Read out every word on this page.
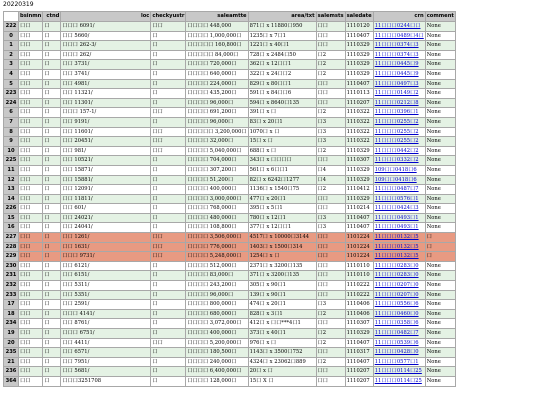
20220319
	bsinmn	ctnd	loc	checkyustr	saleamtte	area/txt	salemsts	saledate	crn	comment
222	口口	口	口口口 6091/	口口	口口口口 448,000	871口 x 11880口950	口口	1110120	11口口口0244口口	None
0	口口	口	口口 5660/	口	口口口口 1,000,000口	1235口 x 7口1	口口	1110407	11口口口0489口4口	None
1	口口	口	口口口 262-3/	口	口口口口口 160,800口	1221口 x 40口1	口口	1110329	11口口口0374口3	None
2	口口	口	口口口 262/	口	口口口口口 84,000口	728口 x 2484口50	口2	1110329	11口口口0374口3	None
3	口口	口	口口 3731/	口	口口口口 720,000口	362口 x 12口口1	口2	1110329	11口口口0445口9	None
4	口口	口	口口 3741/	口	口口口口 640,000口	322口 x 24口口2	口2	1110329	11口口口0445口9	None
5	口口	口	口口 4981/	口	口口口口 224,000口	829口 x 80口口1	口口	1110407	11口口口0497口3	None
223	口口	口	口口 11321/	口	口口口口 435,200口	591口 x 84口口6	口口	1110113	11口口口0149口2	None
224	口口	口	口口 11301/	口	口口口口 96,000口	594口 x 8640口135	口口	1110207	11口口口0212口8	None
6	口口	口	口口口 157-1/	口口	口口口口 691,200口	391口 x 口	口2	1110322	11口口口0396口1	None
7	口口	口	口口 9191/	口	口口口口 96,000口	83口 x 20口1	口3	1110322	11口口口0255口2	None
8	口口	口	口口 11601/	口口	口口口口口 3,200,000口	1070口 x 口	口3	1110322	11口口口0255口2	None
9	口口	口	口口 20451/	口口	口口口口 32,000口	15口 x 口	口3	1110322	11口口口0255口2	None
10	口口	口	口口 981/	口口	口口口口 5,040,000口	688口 x 口	口2	1110329	11口口口0442口2	None
225	口口	口	口口 10521/	口	口口口口 704,000口	343口 x 口口口口	口口	1110307	11口口口0332口2	None
11	口口	口	口口 15871/	口	口口口口 307,200口	561口 x 6口口1	口4	1110329	109口口0418口6	None
12	口口	口	口口 15881/	口	口口口口 51,200口	82口 x 6242口1277	口4	1110329	109口口0418口6	None
13	口口	口	口口 12091/	口	口口口口 400,000口	1136口 x 1540口75	口2	1110412	11口口口0487口7	None
14	口口	口	口口 11811/	口	口口口口 3,000,000口	477口 x 20口1	口口	1110329	11口口口0576口1	None
226	口口	口	口口 601/	口	口口口口 768,000口	395口 x 5口1	口口	1110214	11口口口0424口3	None
15	口口	口	口口 24021/	口	口口口口 480,000口	780口 x 12口1	口3	1110407	11口口口0493口1	None
16	口口	口	口口 24041/	口	口口口口 108,800口	377口 x 12口口1	口3	1110407	11口口口0493口1	None
227	口口	口	口口 1261/	口口	口口口口 3,506,000口	4517口 x 10000口3144	口口	1101224	11口口口0132口5	口
228	口口	口	口口 1631/	口口	口口口口 776,000口	1403口 x 1500口314	口口	1101224	11口口口0132口5	口
229	口口	口	口口口 9731/	口口	口口口口 5,248,000口	1254口 x 口	口口	1101224	11口口口0132口5	口
230	口口	口	口口 6121/	口	口口口口 512,000口	2371口 x 3200口135	口口	1110110	11口口口0283口0	None
231	口口	口	口口 6151/	口	口口口口 83,000口	371口 x 3200口135	口口	1110110	11口口口0283口0	None
232	口口	口	口口 5311/	口	口口口口 243,200口	305口 x 90口1	口口	1110222	11口口口0207口0	None
233	口口	口	口口 5351/	口	口口口口 96,000口	139口 x 90口1	口口	1110222	11口口口0207口0	None
17	口口	口	口口 2591/	口	口口口口 800,000口	474口 x 20口1	口3	1110406	11口口口0556口6	None
18	口口	口	口口口 4141/	口	口口口口 680,000口	828口 x 3口1	口2	1110406	11口口口0460口0	None
234	口口	口	口口 8761/	口	口口口口 3,072,000口	412口 x 口口***4口1	口口	1110307	11口口口0358口6	None
19	口口	口	口口口 6751/	口	口口口口 400,000口	373口 x 40口1	口2	1110329	11口口口0482口7	None
20	口口	口	口口 4411/	口口	口口口口 5,200,000口	976口 x 口	口2	1110407	11口口口0539口6	None
235	口口	口	口口 6571/	口	口口口口 180,500口	1143口 x 3500口752	口口	1110317	11口口口0428口0	None
21	口口	口	口口 7951/	口	口口口口 240,000口	4324口 x 23062口889	口2	1110407	11口口口0577口1	None
236	口口	口	口口 5681/	口	口口口口 6,400,000口	20口 x 口	口口	1110207	11口口口0114口25	None
364	口口	口	口口口3251708	口	口口口口 128,000口	15口 X 口	口口	1110207	11口口口0114口25	None
